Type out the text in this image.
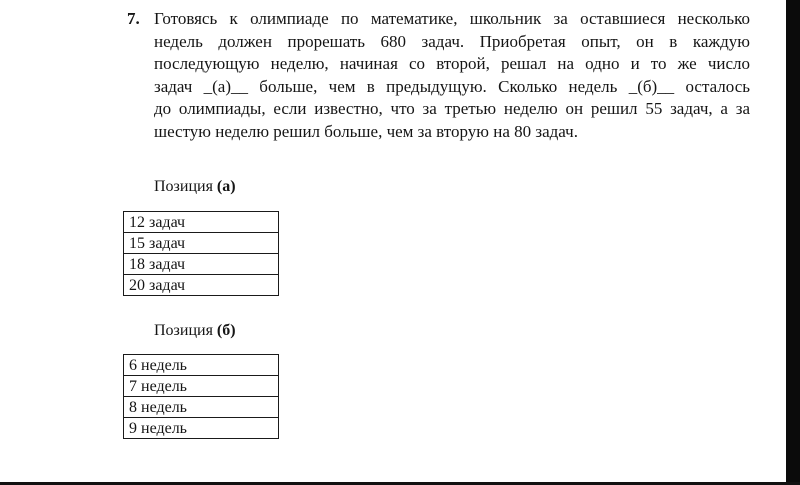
7. Готовясь к олимпиаде по математике, школьник за оставшиеся несколько
недель должен прорешать 680 задач. Приобретая опыт, он в каждую
последующую неделю, начиная со второй, решал на одно и то же число
задач _(а)__ больше, чем в предыдущую. Сколько недель _(б)__ осталось
до олимпиады, если известно, что за третью неделю он решил 55 задач, а за
шестую неделю решил больше, чем за вторую на 80 задач.
Позиция (а)
12 задач
15 задач
18 задач
20 задач
Позиция (б)
6 недель
7 недель
8 недель
9 недель
